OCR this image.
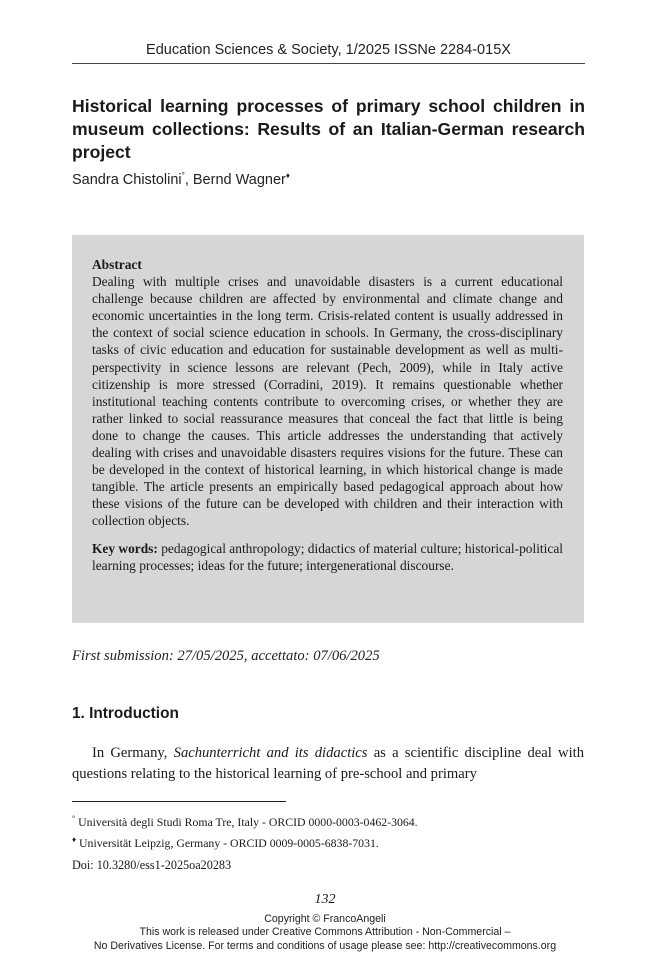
Education Sciences & Society, 1/2025 ISSNe 2284-015X
Historical learning processes of primary school children in museum collections: Results of an Italian-German research project
Sandra Chistolini°, Bernd Wagner♦
Abstract
Dealing with multiple crises and unavoidable disasters is a current educational challenge because children are affected by environmental and climate change and economic uncertainties in the long term. Crisis-related content is usually addressed in the context of social science education in schools. In Germany, the cross-disciplinary tasks of civic education and education for sustainable development as well as multi-perspectivity in science lessons are relevant (Pech, 2009), while in Italy active citizenship is more stressed (Corradini, 2019). It remains questionable whether institutional teaching contents contribute to overcoming crises, or whether they are rather linked to social reassurance measures that conceal the fact that little is being done to change the causes. This article addresses the understanding that actively dealing with crises and unavoidable disasters requires visions for the future. These can be developed in the context of historical learning, in which historical change is made tangible. The article presents an empirically based pedagogical approach about how these visions of the future can be developed with children and their interaction with collection objects.
Key words: pedagogical anthropology; didactics of material culture; historical-political learning processes; ideas for the future; intergenerational discourse.
First submission: 27/05/2025, accettato: 07/06/2025
1. Introduction

In Germany, Sachunterricht and its didactics as a scientific discipline deal with questions relating to the historical learning of pre-school and primary

° Università degli Studi Roma Tre, Italy - ORCID 0000-0003-0462-3064.
♦ Universität Leipzig, Germany - ORCID 0009-0005-6838-7031.
Doi: 10.3280/ess1-2025oa20283
132
Copyright © FrancoAngeli
This work is released under Creative Commons Attribution - Non-Commercial –
No Derivatives License. For terms and conditions of usage please see: http://creativecommons.org
